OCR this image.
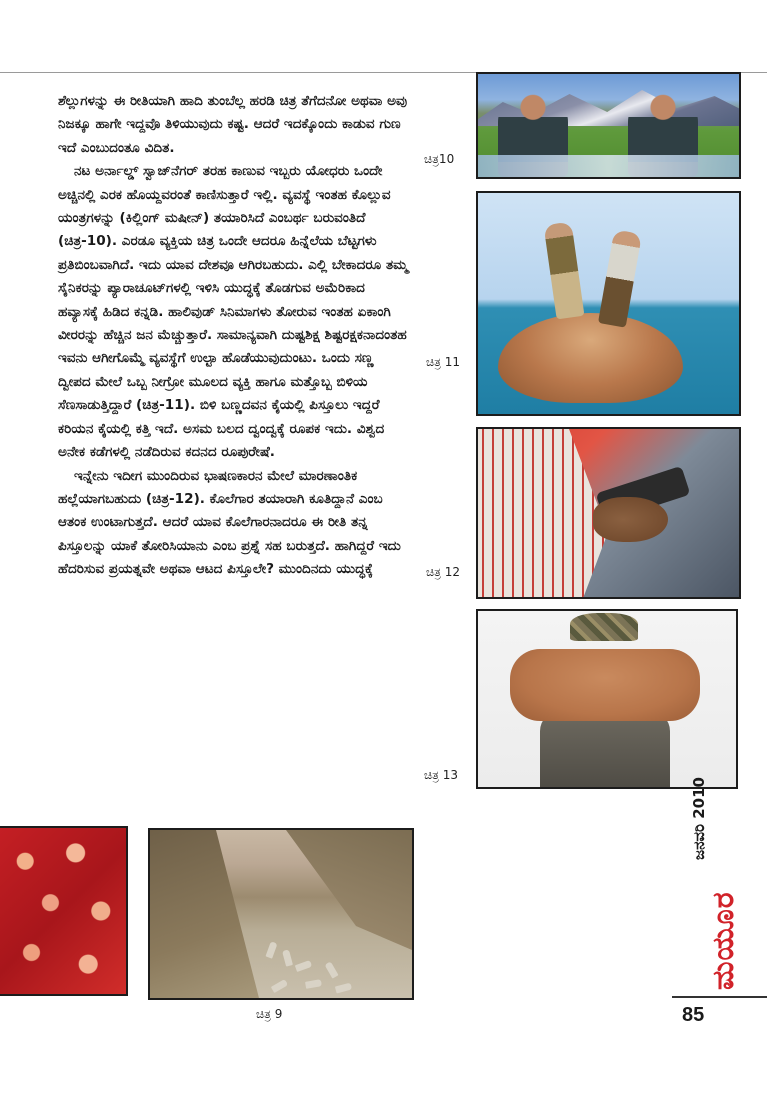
ಶೆಲ್ಲುಗಳನ್ನು ಈ ರೀತಿಯಾಗಿ ಹಾದಿ ತುಂಬೆಲ್ಲ ಹರಡಿ ಚಿತ್ರ ತೆಗೆದನೋ ಅಥವಾ ಅವು ನಿಜಕ್ಕೂ ಹಾಗೇ ಇದ್ದವೊ ತಿಳಿಯುವುದು ಕಷ್ಟ. ಆದರೆ ಇದಕ್ಕೊಂದು ಕಾಡುವ ಗುಣ ಇದೆ ಎಂಬುದಂತೂ ವಿದಿತ.

ನಟ ಅರ್ನಾಲ್ಡ್ ಸ್ವಾಜ್‌ನೆಗರ್ ತರಹ ಕಾಣುವ ಇಬ್ಬರು ಯೋಧರು ಒಂದೇ ಅಚ್ಚಿನಲ್ಲಿ ಎರಕ ಹೊಯ್ದವರಂತೆ ಕಾಣಿಸುತ್ತಾರೆ ಇಲ್ಲಿ. ವ್ಯವಸ್ಥೆ ಇಂತಹ ಕೊಲ್ಲುವ ಯಂತ್ರಗಳನ್ನು (ಕಿಲ್ಲಿಂಗ್ ಮಷೀನ್) ತಯಾರಿಸಿದೆ ಎಂಬರ್ಥ ಬರುವಂತಿದೆ (ಚಿತ್ರ-10). ಎರಡೂ ವ್ಯಕ್ತಿಯ ಚಿತ್ರ ಒಂದೇ ಆದರೂ ಹಿನ್ನೆಲೆಯ ಬೆಟ್ಟಗಳು ಪ್ರತಿಬಿಂಬವಾಗಿದೆ. ಇದು ಯಾವ ದೇಶವೂ ಆಗಿರಬಹುದು. ಎಲ್ಲಿ ಬೇಕಾದರೂ ತಮ್ಮ ಸೈನಿಕರನ್ನು ಪ್ಯಾರಾಚೂಟ್‌ಗಳಲ್ಲಿ ಇಳಿಸಿ ಯುದ್ಧಕ್ಕೆ ತೊಡಗುವ ಅಮೆರಿಕಾದ ಹವ್ಯಾಸಕ್ಕೆ ಹಿಡಿದ ಕನ್ನಡಿ. ಹಾಲಿವುಡ್ ಸಿನಿಮಾಗಳು ತೋರುವ ಇಂತಹ ಏಕಾಂಗಿ ವೀರರನ್ನು ಹೆಚ್ಚಿನ ಜನ ಮೆಚ್ಚುತ್ತಾರೆ. ಸಾಮಾನ್ಯವಾಗಿ ದುಷ್ಟಶಿಕ್ಷ ಶಿಷ್ಟರಕ್ಷಕನಾದಂತಹ ಇವನು ಆಗೀಗೊಮ್ಮೆ ವ್ಯವಸ್ಥೆಗೆ ಉಲ್ಟಾ ಹೊಡೆಯುವುದುಂಟು. ಒಂದು ಸಣ್ಣ ದ್ವೀಪದ ಮೇಲೆ ಒಬ್ಬ ನೀಗ್ರೋ ಮೂಲದ ವ್ಯಕ್ತಿ ಹಾಗೂ ಮತ್ತೊಬ್ಬ ಬಿಳಿಯ ಸೆಣಸಾಡುತ್ತಿದ್ದಾರೆ (ಚಿತ್ರ-11). ಬಿಳಿ ಬಣ್ಣದವನ ಕೈಯಲ್ಲಿ ಪಿಸ್ತೂಲು ಇದ್ದರೆ ಕರಿಯನ ಕೈಯಲ್ಲಿ ಕತ್ತಿ ಇದೆ. ಅಸಮ ಬಲದ ದ್ವಂದ್ವಕ್ಕೆ ರೂಪಕ ಇದು. ವಿಶ್ವದ ಅನೇಕ ಕಡೆಗಳಲ್ಲಿ ನಡೆದಿರುವ ಕದನದ ರೂಪುರೇಷೆ.

ಇನ್ನೇನು ಇದೀಗ ಮುಂದಿರುವ ಭಾಷಣಕಾರನ ಮೇಲೆ ಮಾರಣಾಂತಿಕ ಹಲ್ಲೆಯಾಗಬಹುದು (ಚಿತ್ರ-12). ಕೊಲೆಗಾರ ತಯಾರಾಗಿ ಕೂತಿದ್ದಾನೆ ಎಂಬ ಆತಂಕ ಉಂಟಾಗುತ್ತದೆ. ಆದರೆ ಯಾವ ಕೊಲೆಗಾರನಾದರೂ ಈ ರೀತಿ ತನ್ನ ಪಿಸ್ತೂಲನ್ನು ಯಾಕೆ ತೋರಿಸಿಯಾನು ಎಂಬ ಪ್ರಶ್ನೆ ಸಹ ಬರುತ್ತದೆ. ಹಾಗಿದ್ದರೆ ಇದು ಹೆದರಿಸುವ ಪ್ರಯತ್ನವೇ ಅಥವಾ ಆಟದ ಪಿಸ್ತೂಲೇ? ಮುಂದಿನದು ಯುದ್ಧಕ್ಕೆ

ಚಿತ್ರ10
ಚಿತ್ರ 11
ಚಿತ್ರ 12
ಚಿತ್ರ 13
ಚಿತ್ರ 9
ಜನವರಿ 2010
ಮಯೂರ
85
